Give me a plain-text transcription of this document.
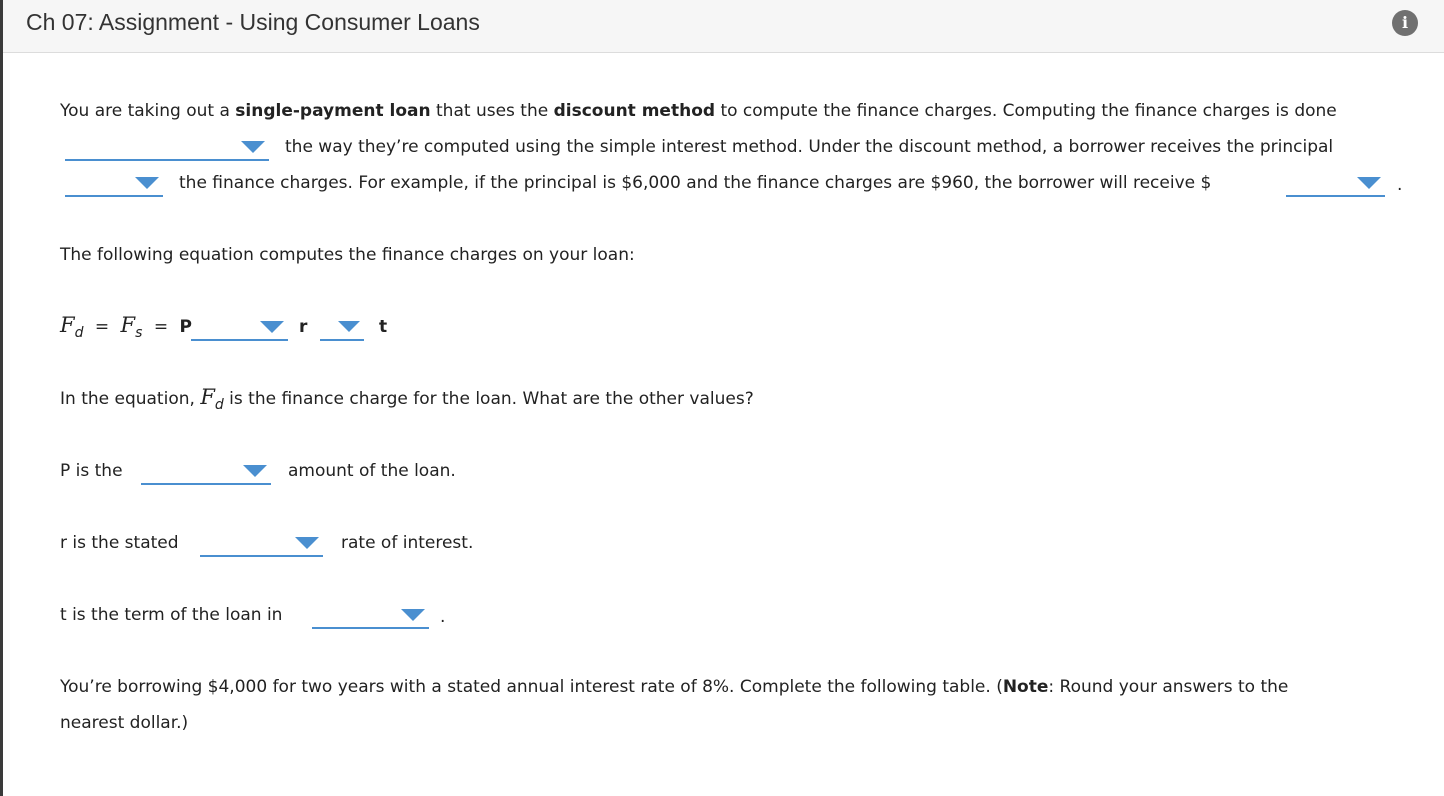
Ch 07: Assignment - Using Consumer Loans	i
You are taking out a single-payment loan that uses the discount method to compute the finance charges. Computing the finance charges is done
the way they’re computed using the simple interest method. Under the discount method, a borrower receives the principal
the finance charges. For example, if the principal is $6,000 and the finance charges are $960, the borrower will receive $	.
The following equation computes the finance charges on your loan:
$F_d = F_s = P$	r	t
In the equation, $F_d$ is the finance charge for the loan. What are the other values?
P is the	amount of the loan.
r is the stated	rate of interest.
t is the term of the loan in	.
You’re borrowing $4,000 for two years with a stated annual interest rate of 8%. Complete the following table. (Note: Round your answers to the
nearest dollar.)
